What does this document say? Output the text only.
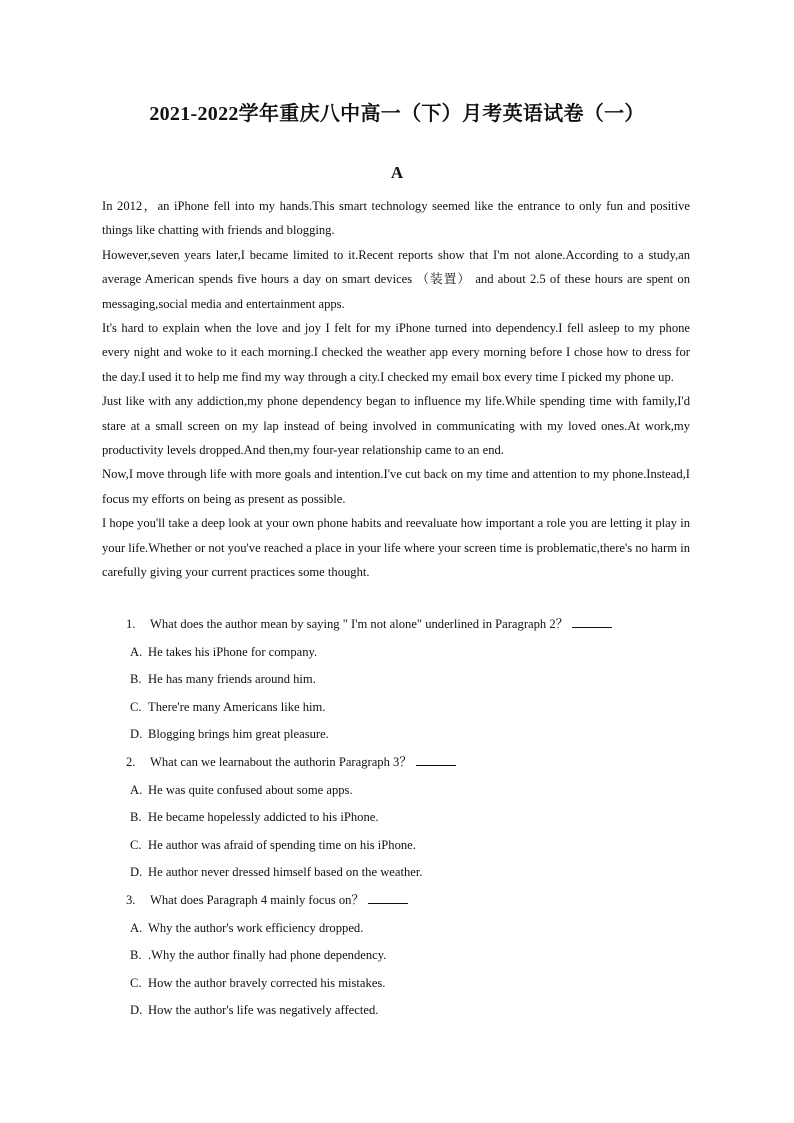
2021-2022学年重庆八中高一（下）月考英语试卷（一）
A

In 2012，an iPhone fell into my hands.This smart technology seemed like the entrance to only fun and positive things like chatting with friends and blogging.

However,seven years later,I became limited to it.Recent reports show that I'm not alone.According to a study,an average American spends five hours a day on smart devices （装置） and about 2.5 of these hours are spent on messaging,social media and entertainment apps.

It's hard to explain when the love and joy I felt for my iPhone turned into dependency.I fell asleep to my phone every night and woke to it each morning.I checked the weather app every morning before I chose how to dress for the day.I used it to help me find my way through a city.I checked my email box every time I picked my phone up.

Just like with any addiction,my phone dependency began to influence my life.While spending time with family,I'd stare at a small screen on my lap instead of being involved in communicating with my loved ones.At work,my productivity levels dropped.And then,my four-year relationship came to an end.

Now,I move through life with more goals and intention.I've cut back on my time and attention to my phone.Instead,I focus my efforts on being as present as possible.

I hope you'll take a deep look at your own phone habits and reevaluate how important a role you are letting it play in your life.Whether or not you've reached a place in your life where your screen time is problematic,there's no harm in carefully giving your current practices some thought.

1. What does the author mean by saying " I'm not alone" underlined in Paragraph 2？
A. He takes his iPhone for company.
B. He has many friends around him.
C. There're many Americans like him.
D. Blogging brings him great pleasure.
2. What can we learnabout the authorin Paragraph 3？
A. He was quite confused about some apps.
B. He became hopelessly addicted to his iPhone.
C. He author was afraid of spending time on his iPhone.
D. He author never dressed himself based on the weather.
3. What does Paragraph 4 mainly focus on？
A. Why the author's work efficiency dropped.
B. .Why the author finally had phone dependency.
C. How the author bravely corrected his mistakes.
D. How the author's life was negatively affected.
